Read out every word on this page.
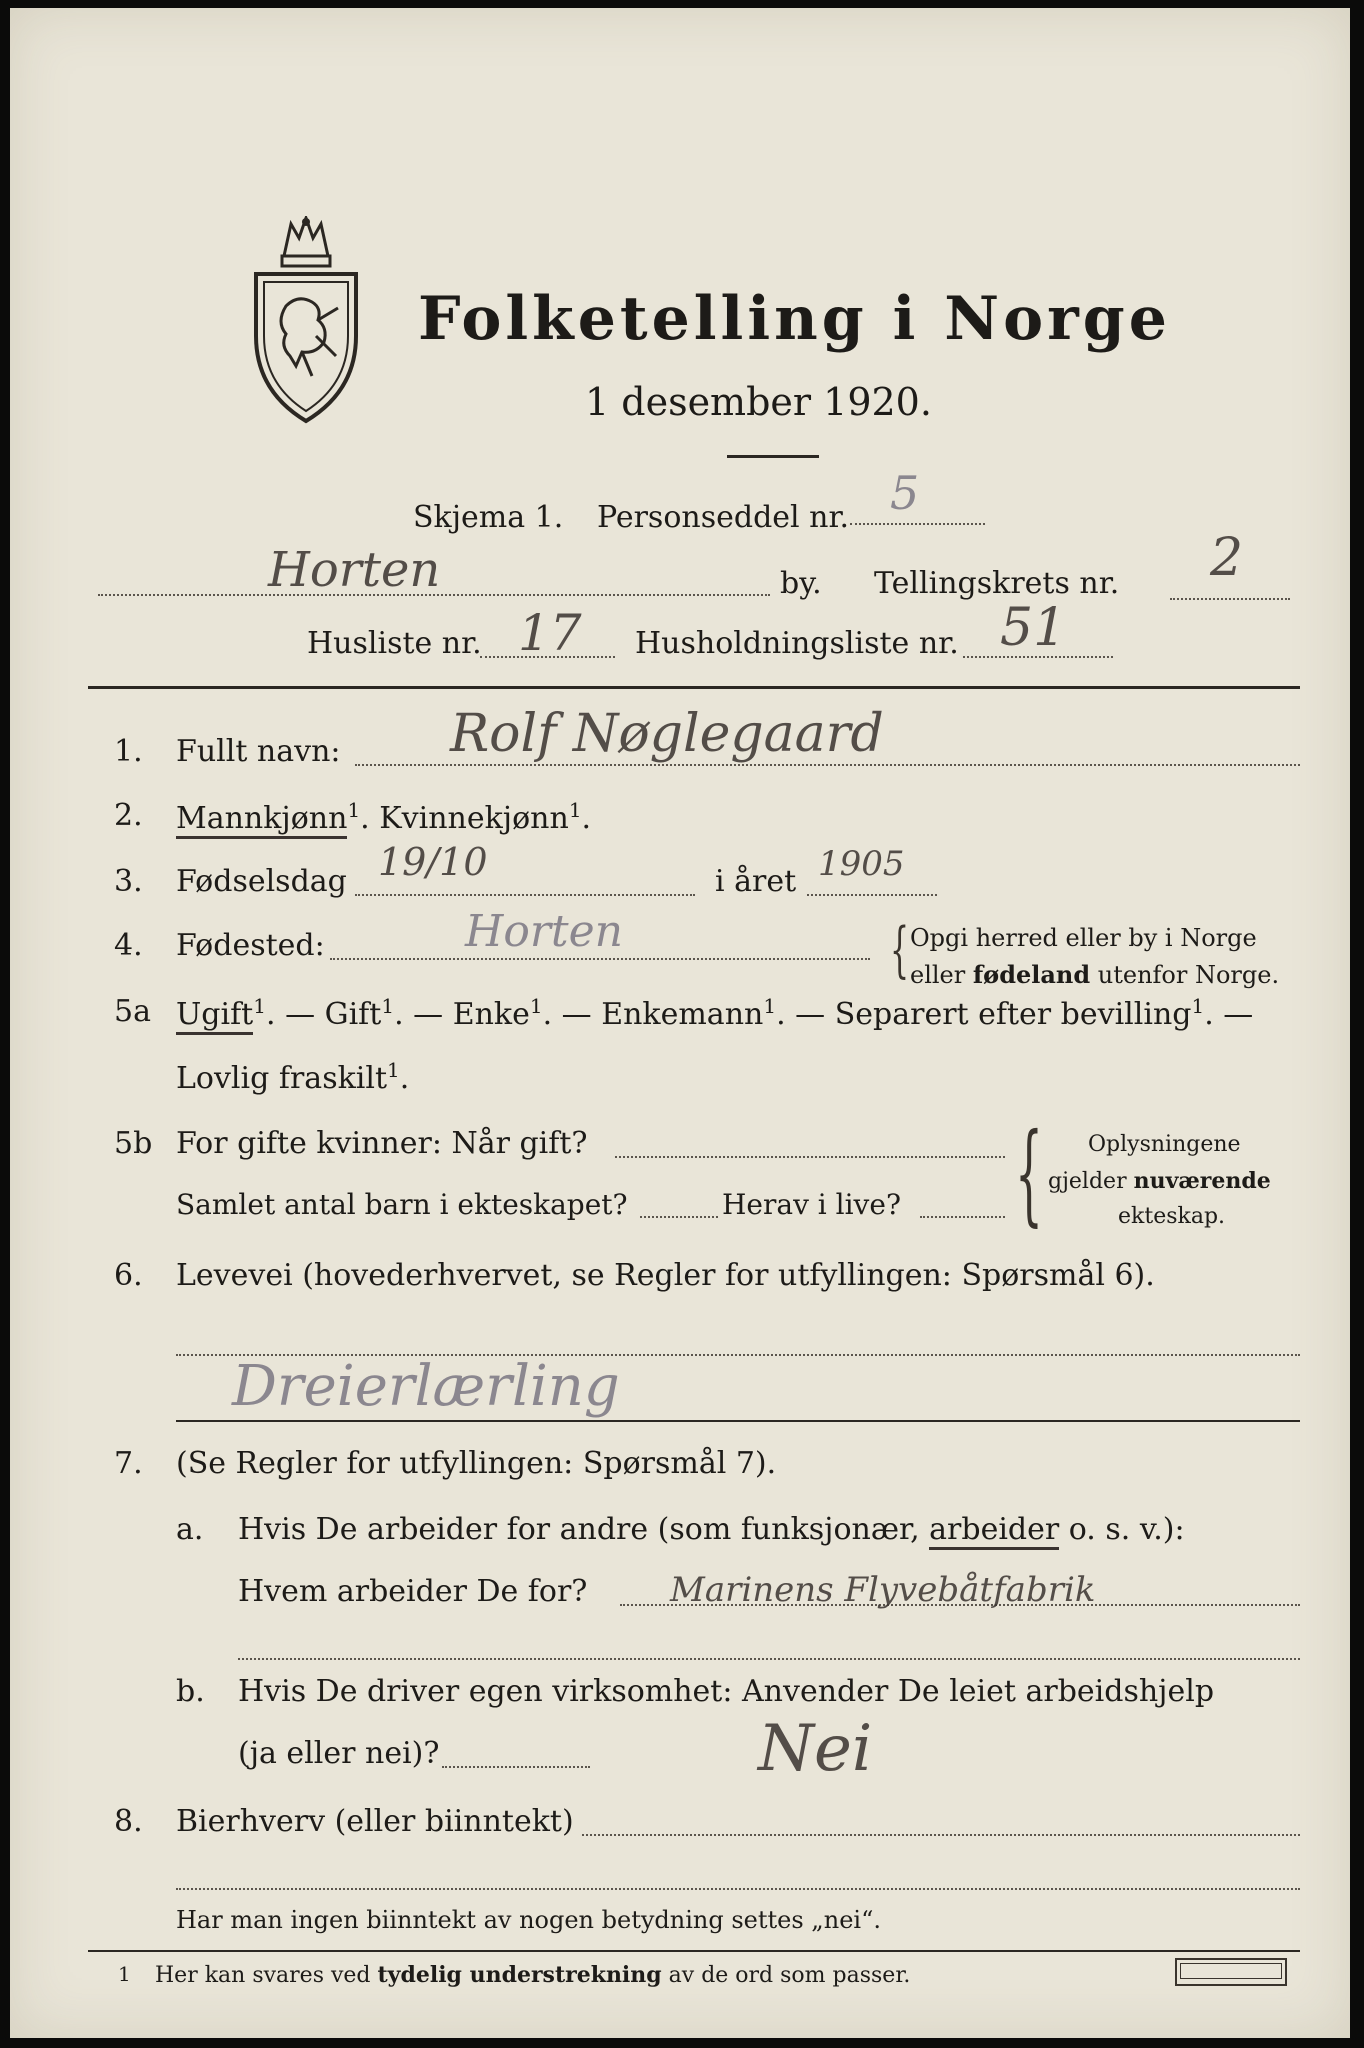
Folketelling i Norge
1 desember 1920.
Skjema 1. Personseddel nr. 5
Horten	by. Tellingskrets nr. 2
Husliste nr. 17 Husholdningsliste nr. 51
1. Fullt navn: Rolf Nøglegaard
2. Mannkjønn$^1$. Kvinnekjønn$^1$.
3. Fødselsdag 19/10	i året 1905
4. Fødested:	Horten	{ Opgi herred eller by i Norge
eller fødeland utenfor Norge.
5a Ugift$^1$. — Gift$^1$. — Enke$^1$. — Enkemann$^1$. — Separert efter bevilling$^1$. —
Lovlig fraskilt$^1$.
5b For gifte kvinner: Når gift?
Samlet antal barn i ekteskapet?	Herav i live? { Oplysningene
gjelder nuværende
ekteskap.
6. Levevei (hovederhvervet, se Regler for utfyllingen: Spørsmål 6).
Dreierlærling
7. (Se Regler for utfyllingen: Spørsmål 7).
a. Hvis De arbeider for andre (som funksjonær, arbeider o. s. v.):
Hvem arbeider De for? Marinens Flyvebåtfabrik
b. Hvis De driver egen virksomhet: Anvender De leiet arbeidshjelp
(ja eller nei)?	Nei
8. Bierhverv (eller biinntekt)
Har man ingen biinntekt av nogen betydning settes „nei“.
1 Her kan svares ved tydelig understrekning av de ord som passer.
